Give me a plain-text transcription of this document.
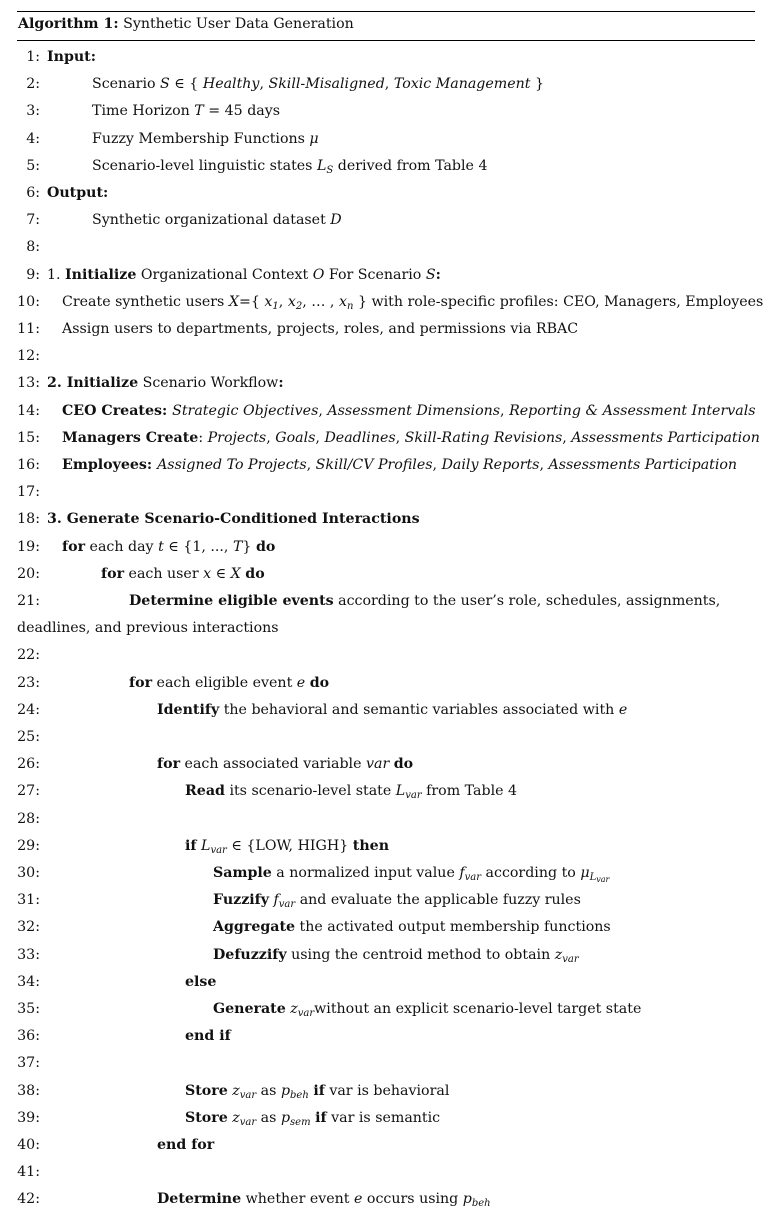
Algorithm 1: Synthetic User Data Generation
1: Input:
2:	Scenario S ∈ { Healthy, Skill-Misaligned, Toxic Management }
3:	Time Horizon T = 45 days
4:	Fuzzy Membership Functions μ
5:	Scenario-level linguistic states $L_S$ derived from Table 4
6: Output:
7:	Synthetic organizational dataset D
8:
9: 1. Initialize Organizational Context O For Scenario S:
10: Create synthetic users X={ $x_1$, $x_2$, … , $x_n$ } with role-specific profiles: CEO, Managers, Employees
11: Assign users to departments, projects, roles, and permissions via RBAC
12:
13: 2. Initialize Scenario Workflow:
14: CEO Creates: Strategic Objectives, Assessment Dimensions, Reporting & Assessment Intervals
15: Managers Create: Projects, Goals, Deadlines, Skill-Rating Revisions, Assessments Participation
16: Employees: Assigned To Projects, Skill/CV Profiles, Daily Reports, Assessments Participation
17:
18: 3. Generate Scenario-Conditioned Interactions
19: for each day t ∈ {1, ..., T} do
20:	for each user x ∈ X do
21:	Determine eligible events according to the user’s role, schedules, assignments,
deadlines, and previous interactions
22:
23:	for each eligible event e do
24:	Identify the behavioral and semantic variables associated with e
25:
26:	for each associated variable var do
27:	Read its scenario-level state $L_{var}$ from Table 4
28:
29:	if $L_{var}$ ∈ {LOW, HIGH} then
30:	Sample a normalized input value $f_{var}$ according to $\mu_{L_{var}}$
31:	Fuzzify $f_{var}$ and evaluate the applicable fuzzy rules
32:	Aggregate the activated output membership functions
33:	Defuzzify using the centroid method to obtain $z_{var}$
34:	else
35:	Generate $z_{var}without$ an explicit scenario-level target state
36:	end if
37:
38:	Store $z_{var}$ as $p_{beh}$ if var is behavioral
39:	Store $z_{var}$ as $p_{sem}$ if var is semantic
40:	end for
41:
42:	Determine whether event e occurs using $p_{beh}$
